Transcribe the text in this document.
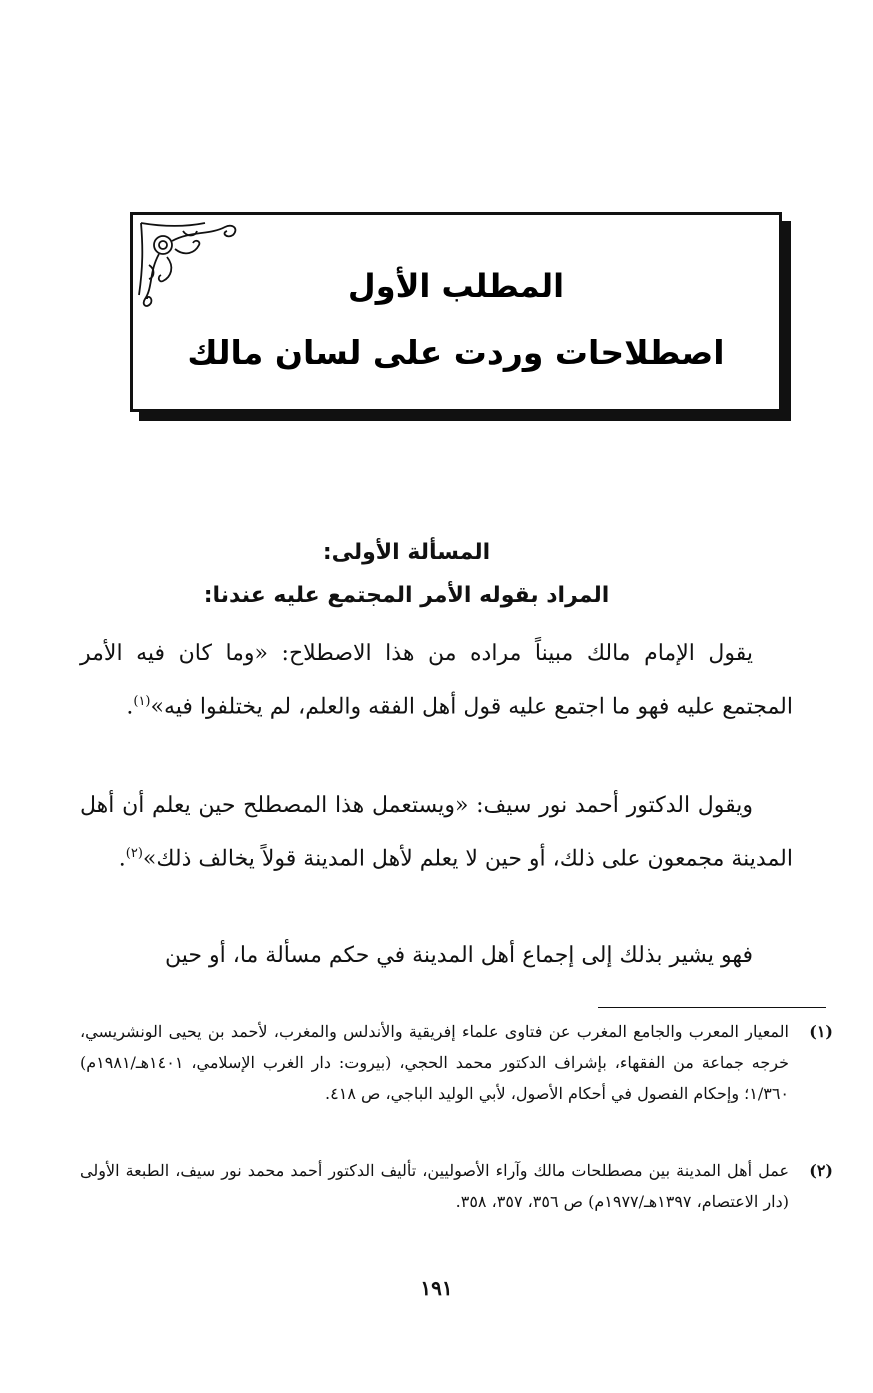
المطلب الأول
اصطلاحات وردت على لسان مالك
المسألة الأولى:
المراد بقوله الأمر المجتمع عليه عندنا:
يقول الإمام مالك مبيناً مراده من هذا الاصطلاح: «وما كان فيه الأمر المجتمع عليه فهو ما اجتمع عليه قول أهل الفقه والعلم، لم يختلفوا فيه»$^{(١)}$.
ويقول الدكتور أحمد نور سيف: «ويستعمل هذا المصطلح حين يعلم أن أهل المدينة مجمعون على ذلك، أو حين لا يعلم لأهل المدينة قولاً يخالف ذلك»$^{(٢)}$.
فهو يشير بذلك إلى إجماع أهل المدينة في حكم مسألة ما، أو حين
(١)
المعيار المعرب والجامع المغرب عن فتاوى علماء إفريقية والأندلس والمغرب، لأحمد بن يحيى الونشريسي، خرجه جماعة من الفقهاء، بإشراف الدكتور محمد الحجي، (بيروت: دار الغرب الإسلامي، ١٤٠١هـ/١٩٨١م) ١/٣٦٠؛ وإحكام الفصول في أحكام الأصول، لأبي الوليد الباجي، ص ٤١٨.
(٢)
عمل أهل المدينة بين مصطلحات مالك وآراء الأصوليين، تأليف الدكتور أحمد محمد نور سيف، الطبعة الأولى (دار الاعتصام، ١٣٩٧هـ/١٩٧٧م) ص ٣٥٦، ٣٥٧، ٣٥٨.
١٩١
